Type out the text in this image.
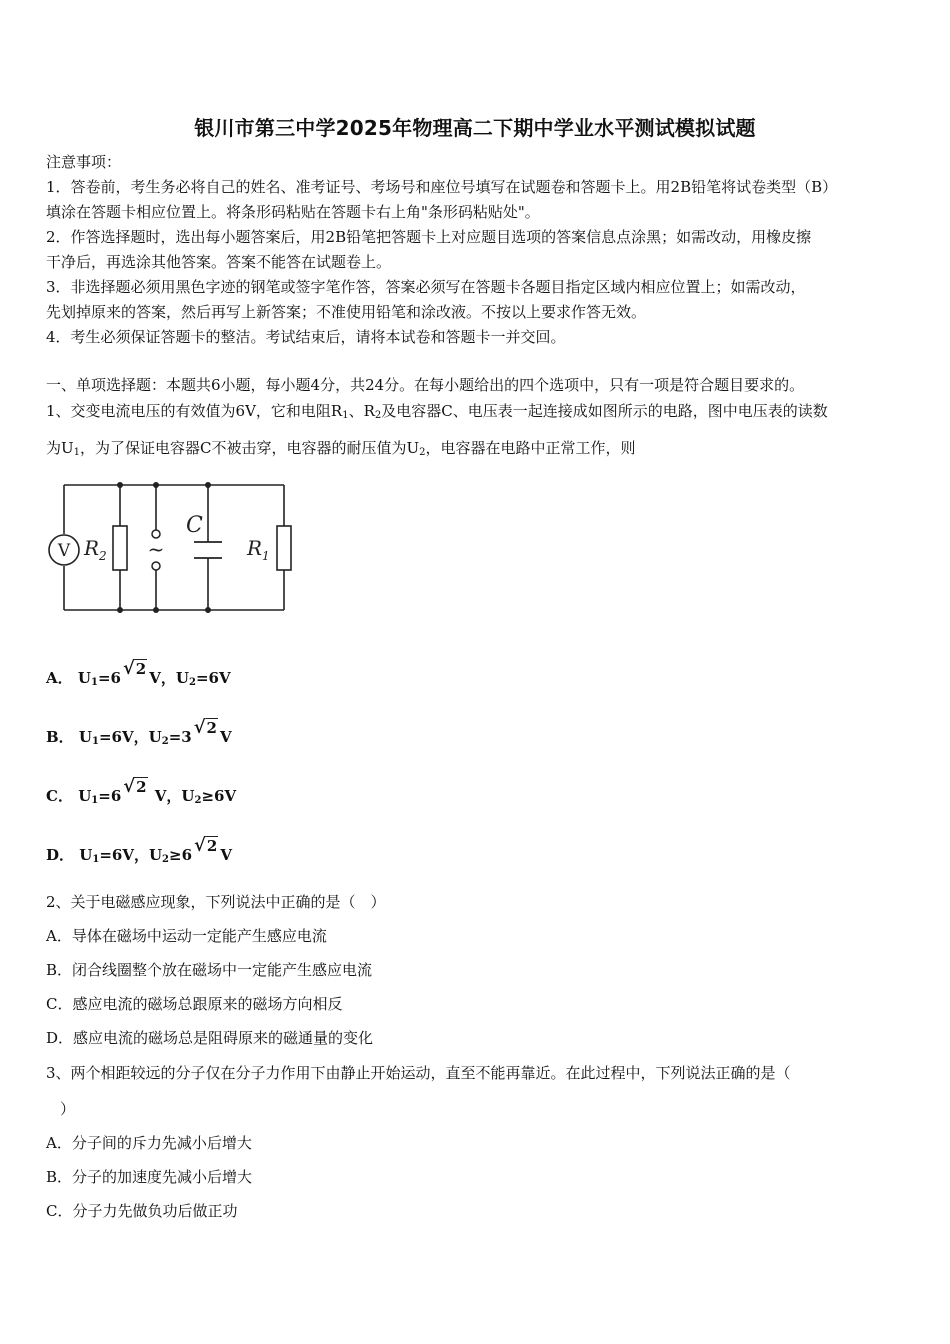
银川市第三中学2025年物理高二下期中学业水平测试模拟试题
注意事项：
1．答卷前，考生务必将自己的姓名、准考证号、考场号和座位号填写在试题卷和答题卡上。用2B铅笔将试卷类型（B）
填涂在答题卡相应位置上。将条形码粘贴在答题卡右上角"条形码粘贴处"。
2．作答选择题时，选出每小题答案后，用2B铅笔把答题卡上对应题目选项的答案信息点涂黑；如需改动，用橡皮擦
干净后，再选涂其他答案。答案不能答在试题卷上。
3．非选择题必须用黑色字迹的钢笔或签字笔作答，答案必须写在答题卡各题目指定区域内相应位置上；如需改动，
先划掉原来的答案，然后再写上新答案；不准使用铅笔和涂改液。不按以上要求作答无效。
4．考生必须保证答题卡的整洁。考试结束后，请将本试卷和答题卡一并交回。
一、单项选择题：本题共6小题，每小题4分，共24分。在每小题给出的四个选项中，只有一项是符合题目要求的。
1、交变电流电压的有效值为6V，它和电阻$R_1$、$R_2$及电容器C、电压表一起连接成如图所示的电路，图中电压表的读数
为$U_1$，为了保证电容器C不被击穿，电容器的耐压值为$U_2$，电容器在电路中正常工作，则
V R 2	R 1
~
C
A． $U_1=6$ √2 V，$U_2=6V$
B． $U_1=6V$，$U_2=3$ √2 V
C． $U_1=6$ √2 V，$U_2\ge 6V$
D． $U_1=6V$，$U_2\ge 6$ √2 V
2、关于电磁感应现象，下列说法中正确的是（　）
A．导体在磁场中运动一定能产生感应电流
B．闭合线圈整个放在磁场中一定能产生感应电流
C．感应电流的磁场总跟原来的磁场方向相反
D．感应电流的磁场总是阻碍原来的磁通量的变化
3、两个相距较远的分子仅在分子力作用下由静止开始运动，直至不能再靠近。在此过程中，下列说法正确的是（
）
A．分子间的斥力先减小后增大
B．分子的加速度先减小后增大
C．分子力先做负功后做正功
